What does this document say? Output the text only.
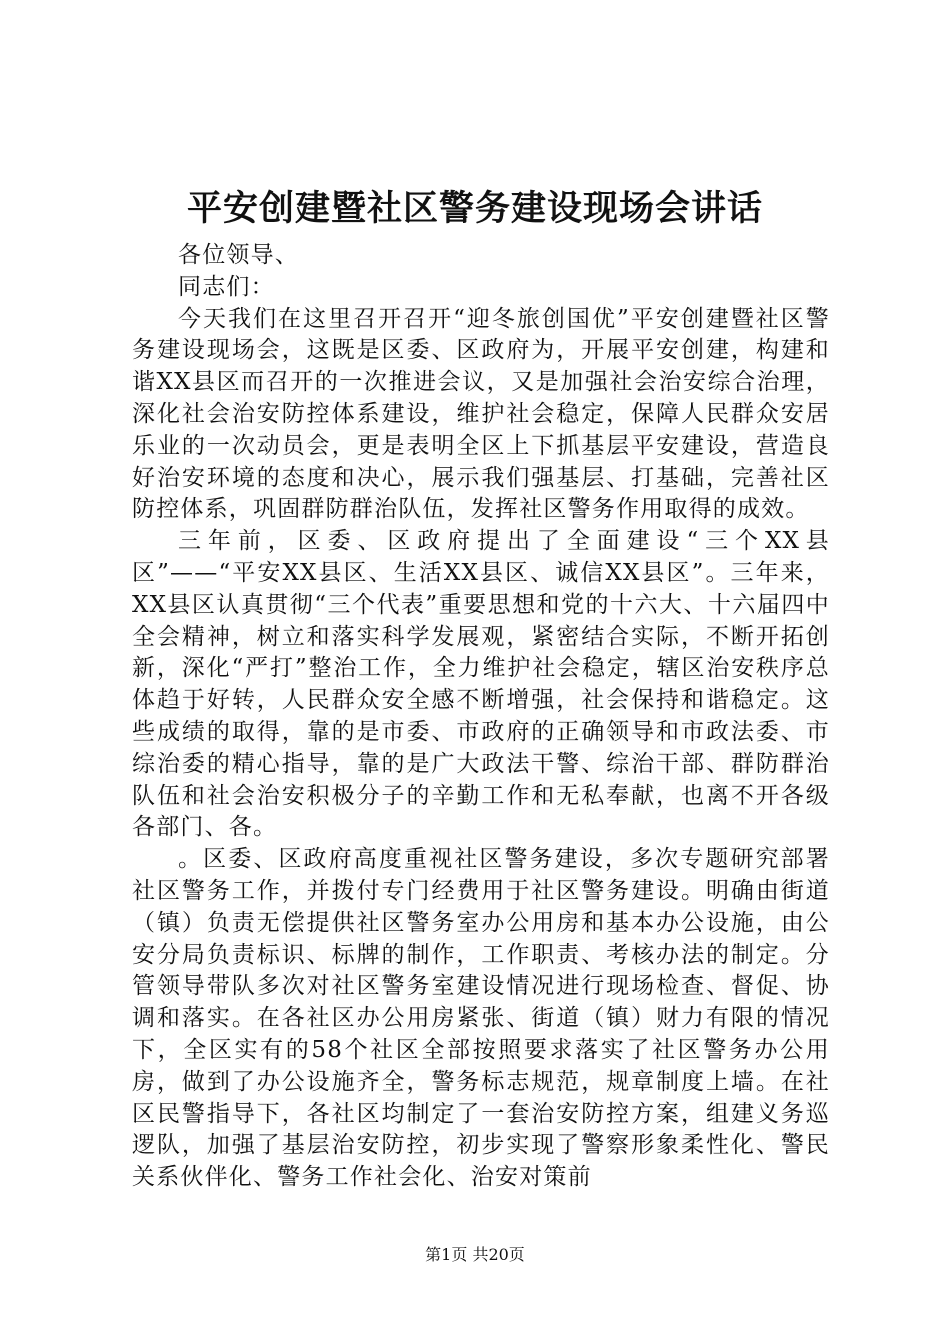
平安创建暨社区警务建设现场会讲话

各位领导、

同志们：

今天我们在这里召开召开“迎冬旅创国优”平安创建暨社区警务建设现场会，这既是区委、区政府为，开展平安创建，构建和谐XX县区而召开的一次推进会议，又是加强社会治安综合治理，深化社会治安防控体系建设，维护社会稳定，保障人民群众安居乐业的一次动员会，更是表明全区上下抓基层平安建设，营造良好治安环境的态度和决心，展示我们强基层、打基础，完善社区防控体系，巩固群防群治队伍，发挥社区警务作用取得的成效。

三年前，区委、区政府提出了全面建设“三个XX县区”——“平安XX县区、生活XX县区、诚信XX县区”。三年来，XX县区认真贯彻“三个代表”重要思想和党的十六大、十六届四中全会精神，树立和落实科学发展观，紧密结合实际，不断开拓创新，深化“严打”整治工作，全力维护社会稳定，辖区治安秩序总体趋于好转，人民群众安全感不断增强，社会保持和谐稳定。这些成绩的取得，靠的是市委、市政府的正确领导和市政法委、市综治委的精心指导，靠的是广大政法干警、综治干部、群防群治队伍和社会治安积极分子的辛勤工作和无私奉献，也离不开各级各部门、各。

。区委、区政府高度重视社区警务建设，多次专题研究部署社区警务工作，并拨付专门经费用于社区警务建设。明确由街道（镇）负责无偿提供社区警务室办公用房和基本办公设施，由公安分局负责标识、标牌的制作，工作职责、考核办法的制定。分管领导带队多次对社区警务室建设情况进行现场检查、督促、协调和落实。在各社区办公用房紧张、街道（镇）财力有限的情况下，全区实有的58个社区全部按照要求落实了社区警务办公用房，做到了办公设施齐全，警务标志规范，规章制度上墙。在社区民警指导下，各社区均制定了一套治安防控方案，组建义务巡逻队，加强了基层治安防控，初步实现了警察形象柔性化、警民关系伙伴化、警务工作社会化、治安对策前

第1页 共20页
